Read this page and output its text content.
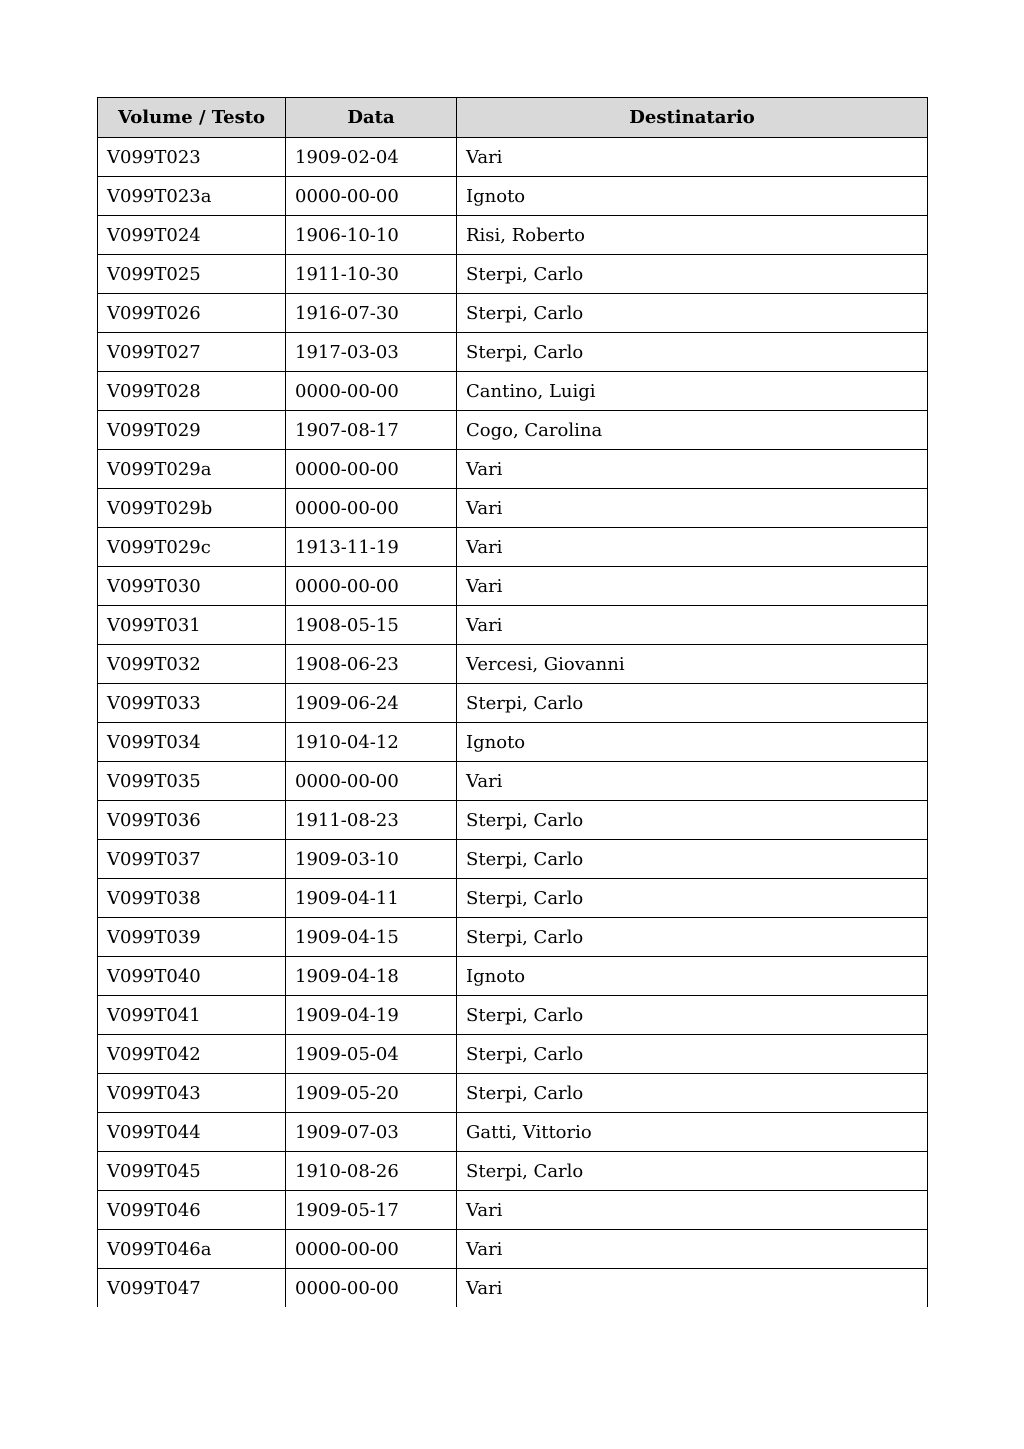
Volume / Testo	Data	Destinatario
V099T023	1909-02-04	Vari
V099T023a	0000-00-00	Ignoto
V099T024	1906-10-10	Risi, Roberto
V099T025	1911-10-30	Sterpi, Carlo
V099T026	1916-07-30	Sterpi, Carlo
V099T027	1917-03-03	Sterpi, Carlo
V099T028	0000-00-00	Cantino, Luigi
V099T029	1907-08-17	Cogo, Carolina
V099T029a	0000-00-00	Vari
V099T029b	0000-00-00	Vari
V099T029c	1913-11-19	Vari
V099T030	0000-00-00	Vari
V099T031	1908-05-15	Vari
V099T032	1908-06-23	Vercesi, Giovanni
V099T033	1909-06-24	Sterpi, Carlo
V099T034	1910-04-12	Ignoto
V099T035	0000-00-00	Vari
V099T036	1911-08-23	Sterpi, Carlo
V099T037	1909-03-10	Sterpi, Carlo
V099T038	1909-04-11	Sterpi, Carlo
V099T039	1909-04-15	Sterpi, Carlo
V099T040	1909-04-18	Ignoto
V099T041	1909-04-19	Sterpi, Carlo
V099T042	1909-05-04	Sterpi, Carlo
V099T043	1909-05-20	Sterpi, Carlo
V099T044	1909-07-03	Gatti, Vittorio
V099T045	1910-08-26	Sterpi, Carlo
V099T046	1909-05-17	Vari
V099T046a	0000-00-00	Vari
V099T047	0000-00-00	Vari
